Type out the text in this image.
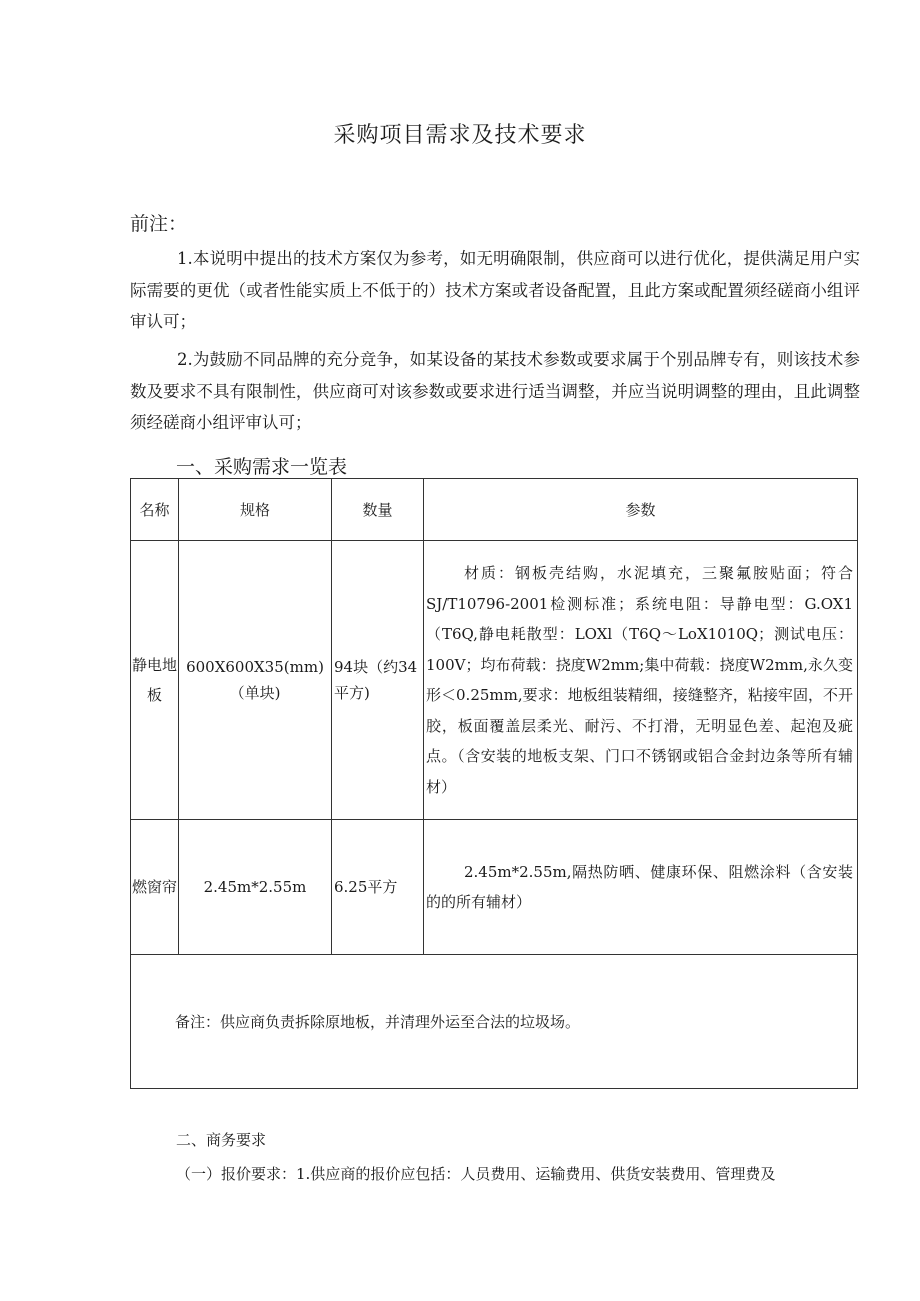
采购项目需求及技术要求
前注：
1.本说明中提出的技术方案仅为参考，如无明确限制，供应商可以进行优化，提供满足用户实际需要的更优（或者性能实质上不低于的）技术方案或者设备配置，且此方案或配置须经磋商小组评审认可；
2.为鼓励不同品牌的充分竞争，如某设备的某技术参数或要求属于个别品牌专有，则该技术参数及要求不具有限制性，供应商可对该参数或要求进行适当调整，并应当说明调整的理由，且此调整须经磋商小组评审认可；
一、采购需求一览表
名称	规格	数量	参数
静电地板	600X600X35(mm)（单块)	94块（约34平方)	材质：钢板壳结购，水泥填充，三聚氟胺贴面；符合SJ/T10796-2001检测标准；系统电阻：导静电型：G.OX1（T6Q,静电耗散型：LOXl（T6Q～LoX1010Q；测试电压：100V；均布荷载：挠度W2mm;集中荷载：挠度W2mm,永久变形＜0.25mm,要求：地板组装精细，接缝整齐，粘接牢固，不开胶，板面覆盖层柔光、耐污、不打滑，无明显色差、起泡及疵点。（含安装的地板支架、门口不锈钢或铝合金封边条等所有辅材）
燃窗帘	2.45m*2.55m	6.25平方	2.45m*2.55m,隔热防晒、健康环保、阻燃涂料（含安装的的所有辅材）
备注：供应商负责拆除原地板，并清理外运至合法的垃圾场。			
二、商务要求
（一）报价要求：1.供应商的报价应包括：人员费用、运输费用、供货安装费用、管理费及
